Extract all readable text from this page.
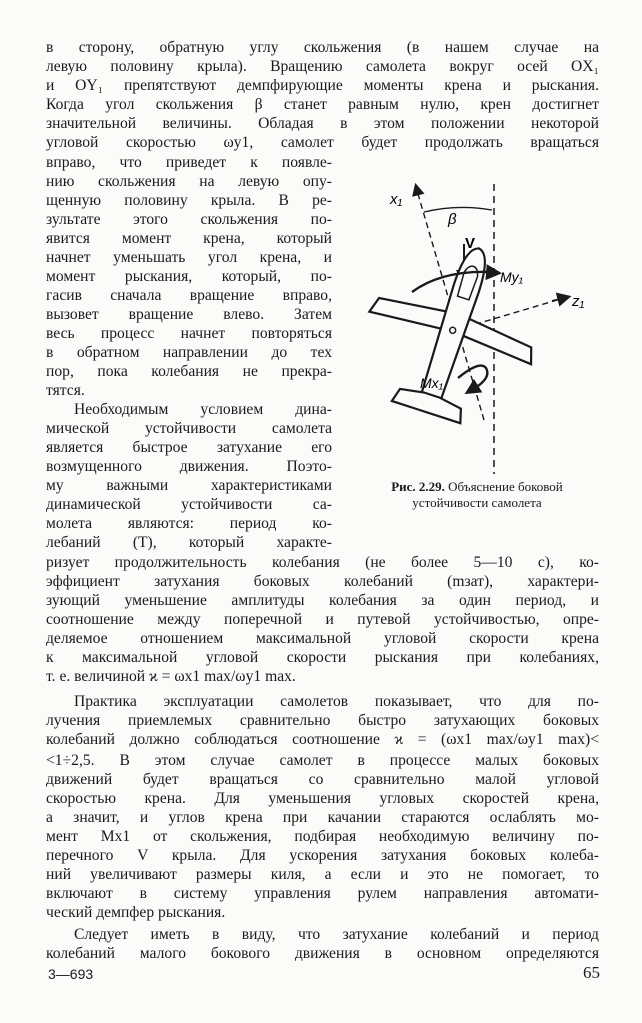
в сторону, обратную углу скольжения (в нашем случае на
левую половину крыла). Вращению самолета вокруг осей OX₁
и OY₁ препятствуют демпфирующие моменты крена и рыскания.
Когда угол скольжения β станет равным нулю, крен достигнет
значительной величины. Обладая в этом положении некоторой
угловой скоростью ωy1, самолет будет продолжать вращаться
вправо, что приведет к появле-
нию скольжения на левую опу-
щенную половину крыла. В ре-
зультате этого скольжения по-
явится момент крена, который
начнет уменьшать угол крена, и
момент рыскания, который, по-
гасив сначала вращение вправо,
вызовет вращение влево. Затем
весь процесс начнет повторяться
в обратном направлении до тех
пор, пока колебания не прекра-
тятся.
Необходимым условием дина-
мической устойчивости самолета
является быстрое затухание его
возмущенного движения. Поэто-
му важными характеристиками
динамической устойчивости са-
молета являются: период ко-
лебаний (T), который характе-
ризует продолжительность колебания (не более 5—10 с), ко-
эффициент затухания боковых колебаний (mзат), характери-
зующий уменьшение амплитуды колебания за один период, и
соотношение между поперечной и путевой устойчивостью, опре-
деляемое отношением максимальной угловой скорости крена
к максимальной угловой скорости рыскания при колебаниях,
т. е. величиной ϰ = ωx1 max/ωy1 max.
Практика эксплуатации самолетов показывает, что для по-
лучения приемлемых сравнительно быстро затухающих боковых
колебаний должно соблюдаться соотношение ϰ = (ωx1 max/ωy1 max)<
<1÷2,5. В этом случае самолет в процессе малых боковых
движений будет вращаться со сравнительно малой угловой
скоростью крена. Для уменьшения угловых скоростей крена,
а значит, и углов крена при качании стараются ослаблять мо-
мент Mx1 от скольжения, подбирая необходимую величину по-
перечного V крыла. Для ускорения затухания боковых колеба-
ний увеличивают размеры киля, а если и это не помогает, то
включают в систему управления рулем направления автомати-
ческий демпфер рыскания.
Следует иметь в виду, что затухание колебаний и период
колебаний малого бокового движения в основном определяются
x₁
β
V
My₁
z₁
Mx₁
Рис. 2.29. Объяснение боковой
устойчивости самолета
3—693	65
